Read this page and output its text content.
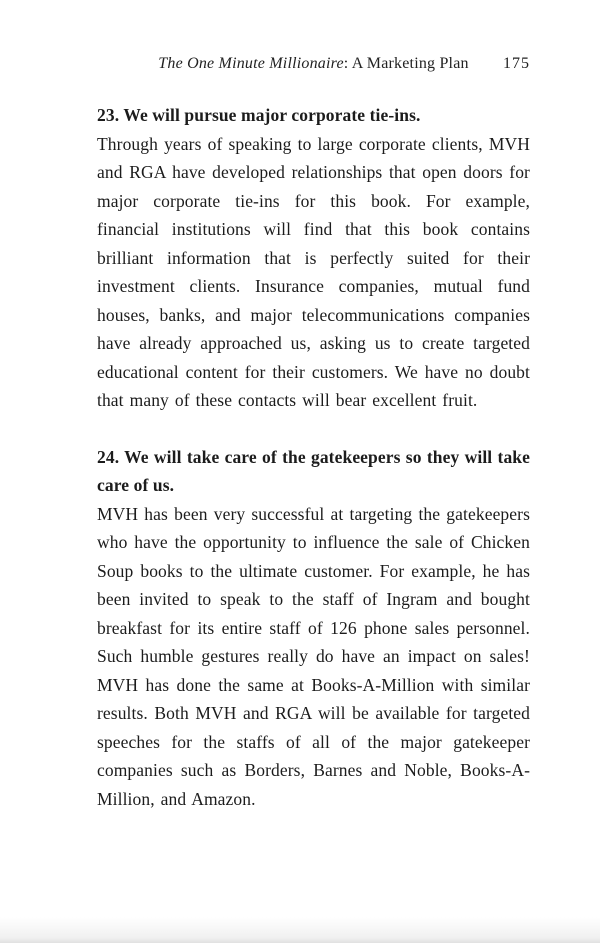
The One Minute Millionaire: A Marketing Plan	175
23. We will pursue major corporate tie-ins.

Through years of speaking to large corporate clients, MVH and RGA have developed relationships that open doors for major corporate tie-ins for this book. For example, financial institutions will find that this book contains brilliant information that is perfectly suited for their investment clients. Insurance companies, mutual fund houses, banks, and major telecommunications companies have already approached us, asking us to create targeted educational content for their customers. We have no doubt that many of these contacts will bear excellent fruit.

24. We will take care of the gatekeepers so they will take care of us.

MVH has been very successful at targeting the gatekeepers who have the opportunity to influence the sale of Chicken Soup books to the ultimate customer. For example, he has been invited to speak to the staff of Ingram and bought breakfast for its entire staff of 126 phone sales personnel. Such humble gestures really do have an impact on sales! MVH has done the same at Books-A-Million with similar results. Both MVH and RGA will be available for targeted speeches for the staffs of all of the major gatekeeper companies such as Borders, Barnes and Noble, Books-A-Million, and Amazon.
